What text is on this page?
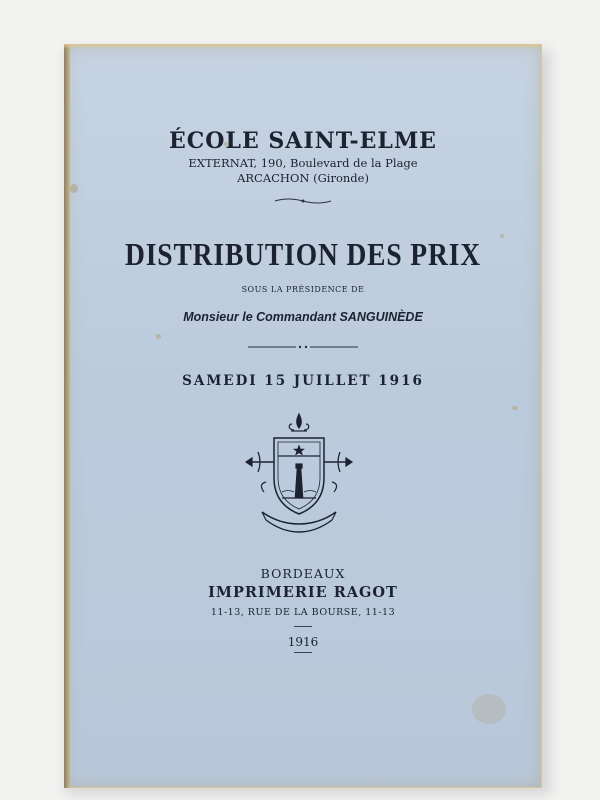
ÉCOLE SAINT-ELME
EXTERNAT, 190, Boulevard de la Plage
ARCACHON (Gironde)
DISTRIBUTION DES PRIX
SOUS LA PRÉSIDENCE DE
Monsieur le Commandant SANGUINÈDE
SAMEDI 15 JUILLET 1916
BORDEAUX
IMPRIMERIE RAGOT
11-13, RUE DE LA BOURSE, 11-13
1916
